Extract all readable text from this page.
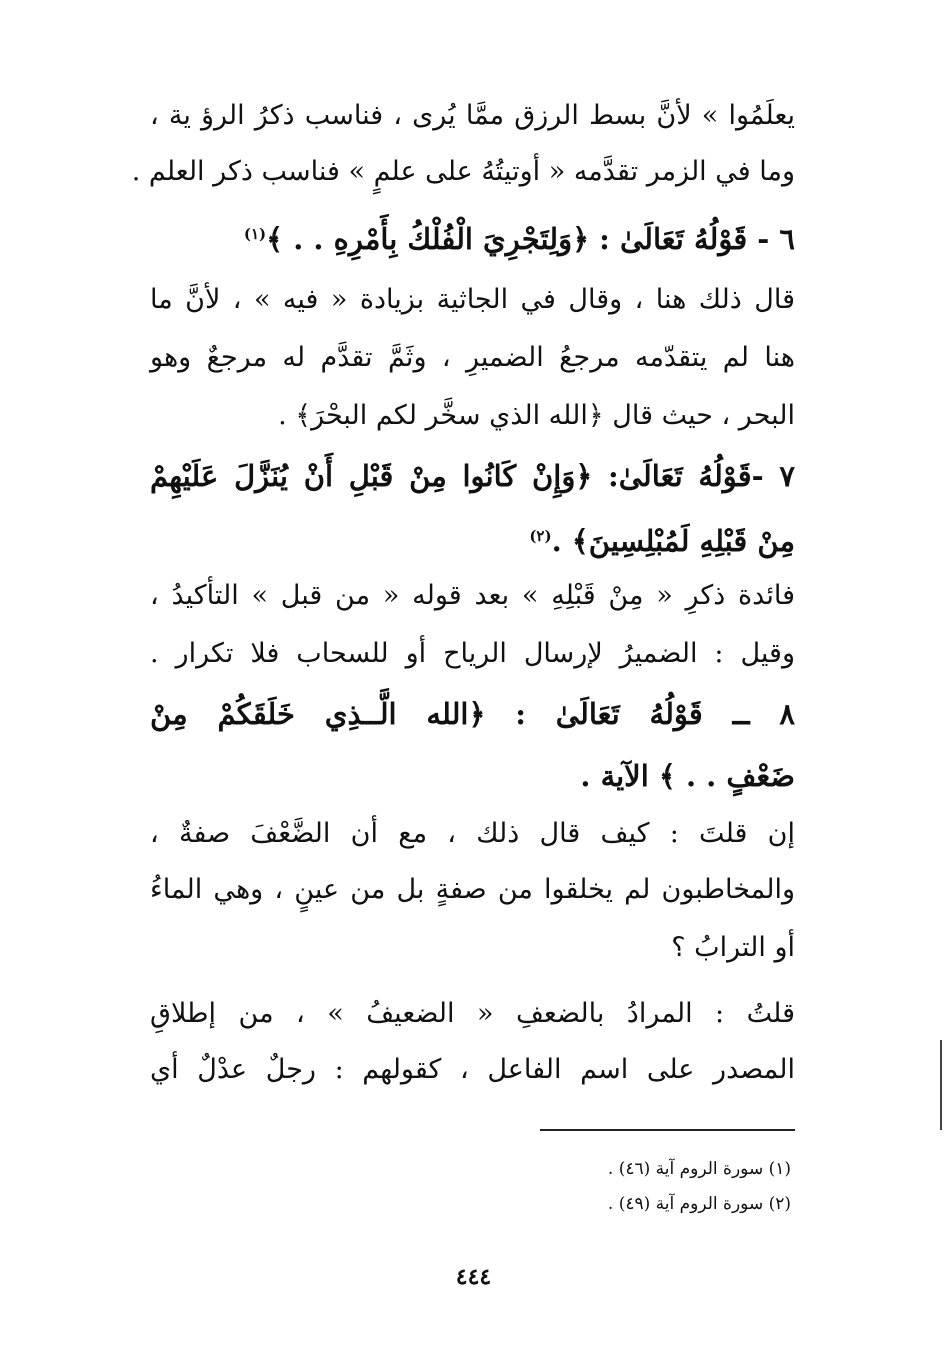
يعلَمُوا » لأنَّ بسط الرزق ممَّا يُرى ، فناسب ذكرُ الرؤ ية ،
وما في الزمر تقدَّمه « أوتيتُهُ على علمٍ » فناسب ذكر العلم .
٦ - قَوْلُهُ تَعَالَىٰ : ﴿وَلِتَجْرِيَ الْفُلْكُ بِأَمْرِهِ . . ﴾$^{(١)}$
قال ذلك هنا ، وقال في الجاثية بزيادة « فيه » ، لأنَّ ما
هنا لم يتقدّمه مرجعُ الضميرِ ، وثَمَّ تقدَّم له مرجعٌ وهو
البحر ، حيث قال ﴿الله الذي سخَّر لكم البحْرَ﴾ .
٧ -قَوْلُهُ تَعَالَىٰ: ﴿وَإِنْ كَانُوا مِنْ قَبْلِ أَنْ يُنَزَّلَ عَلَيْهِمْ
مِنْ قَبْلِهِ لَمُبْلِسِينَ﴾ .$^{(٢)}$
فائدة ذكرِ « مِنْ قَبْلِهِ » بعد قوله « من قبل » التأكيدُ ،
وقيل : الضميرُ لإرسال الرياح أو للسحاب فلا تكرار .
٨ ــ قَوْلُهُ تَعَالَىٰ : ﴿الله الَّــذِي خَلَقَكُمْ مِنْ
ضَعْفٍ . . ﴾ الآية .
إن قلتَ : كيف قال ذلك ، مع أن الضَّعْفَ صفةٌ ،
والمخاطبون لم يخلقوا من صفةٍ بل من عينٍ ، وهي الماءُ
أو الترابُ ؟
قلتُ : المرادُ بالضعفِ « الضعيفُ » ، من إطلاقِ
المصدر على اسم الفاعل ، كقولهم : رجلٌ عدْلٌ أي
(١) سورة الروم آية (٤٦) .
(٢) سورة الروم آية (٤٩) .
٤٤٤
